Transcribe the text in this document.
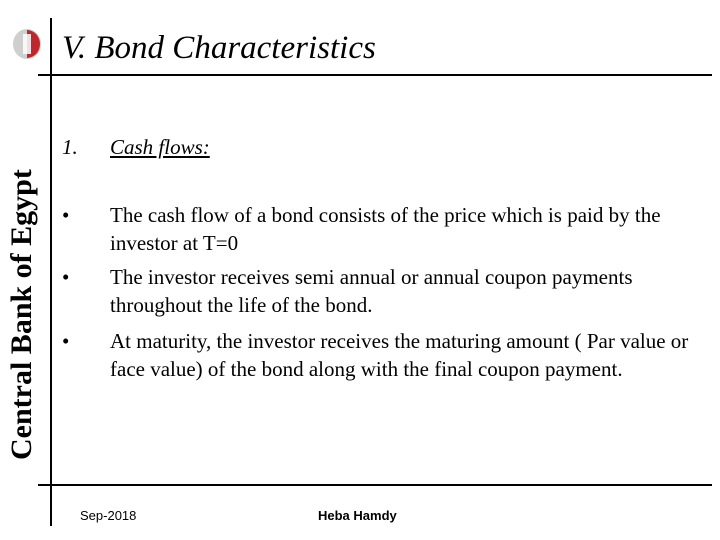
Central Bank of Egypt
V. Bond Characteristics
1. Cash flows:
• The cash flow of a bond consists of the price which is paid by the investor at T=0
• The investor receives semi annual or annual coupon payments throughout the life of the bond.
• At maturity, the investor receives the maturing amount ( Par value or face value) of the bond along with the final coupon payment.
Sep-2018	Heba Hamdy
